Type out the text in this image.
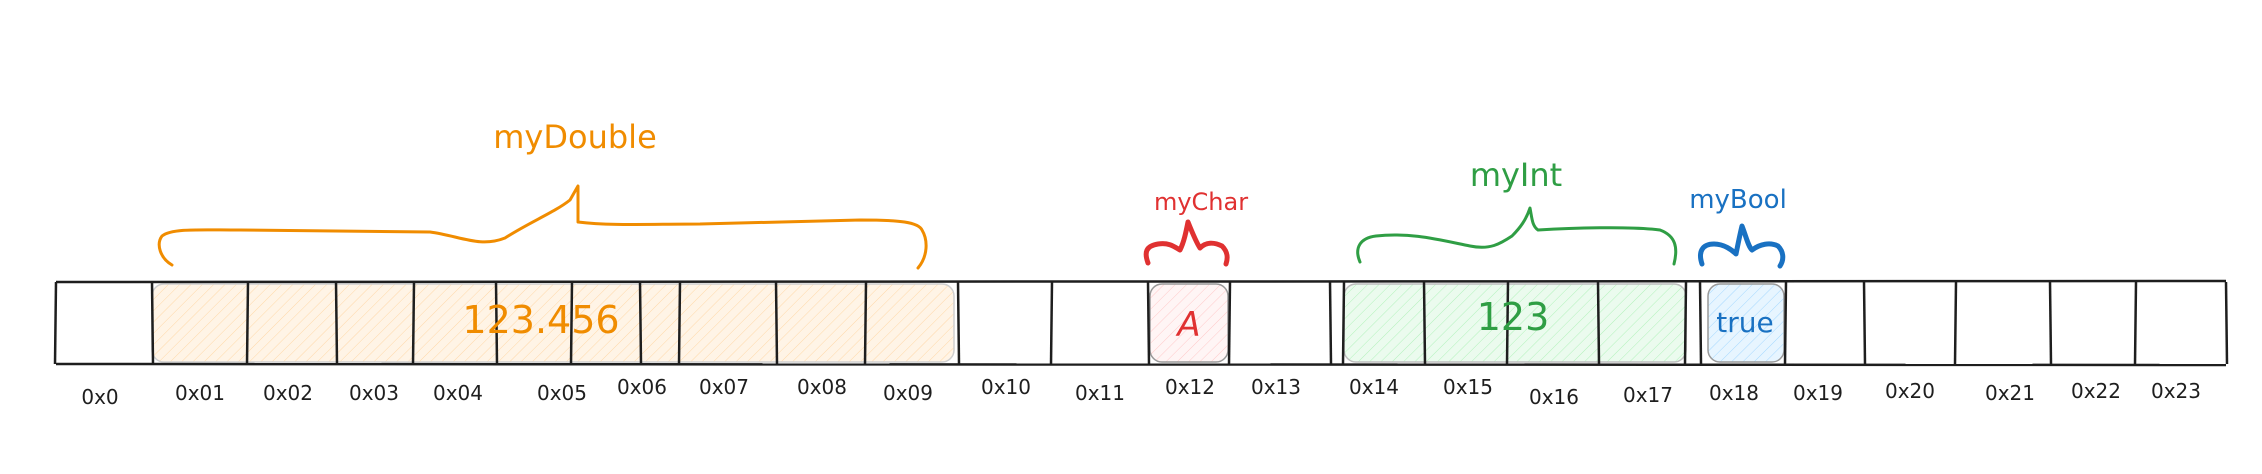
123.456	A	123	true
myDouble
myChar
myInt
myBool
0x0	0x01 0x02 0x03 0x04	0x05 0x06 0x07 0x08 0x09 0x10 0x11 0x12 0x13 0x14 0x15 0x16 0x17 0x18 0x19 0x20 0x21 0x22 0x23
